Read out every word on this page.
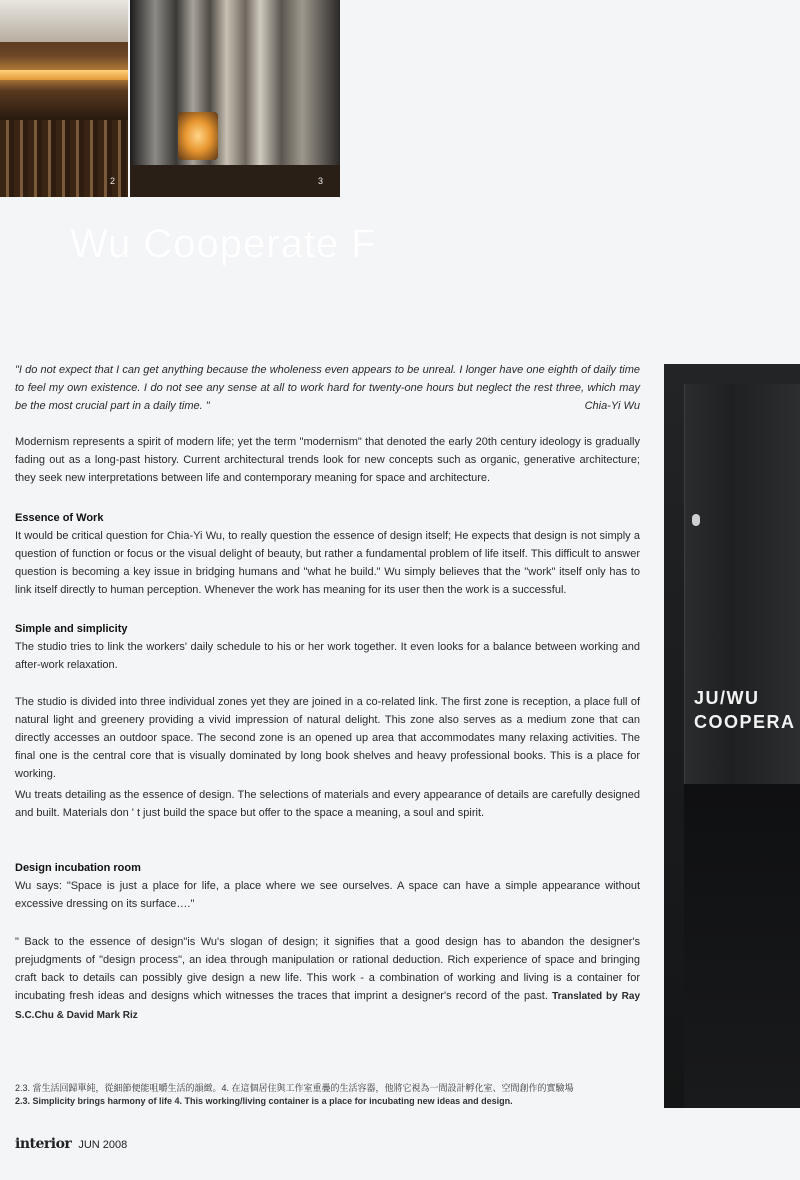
2	3
Wu Cooperate F
JU/WU
COOPERA

"I do not expect that I can get anything because the wholeness even appears to be unreal. I longer have one eighth of daily time to feel my own existence. I do not see any sense at all to work hard for twenty-one hours but neglect the rest three, which may be the most crucial part in a daily time. "	Chia-Yi Wu

Modernism represents a spirit of modern life; yet the term "modernism" that denoted the early 20th century ideology is gradually fading out as a long-past history. Current architectural trends look for new concepts such as organic, generative architecture; they seek new interpretations between life and contemporary meaning for space and architecture.

Essence of Work

It would be critical question for Chia-Yi Wu, to really question the essence of design itself; He expects that design is not simply a question of function or focus or the visual delight of beauty, but rather a fundamental problem of life itself. This difficult to answer question is becoming a key issue in bridging humans and "what he build." Wu simply believes that the "work" itself only has to link itself directly to human perception. Whenever the work has meaning for its user then the work is a successful.

Simple and simplicity

The studio tries to link the workers' daily schedule to his or her work together. It even looks for a balance between working and after-work relaxation.

The studio is divided into three individual zones yet they are joined in a co-related link. The first zone is reception, a place full of natural light and greenery providing a vivid impression of natural delight. This zone also serves as a medium zone that can directly accesses an outdoor space. The second zone is an opened up area that accommodates many relaxing activities. The final one is the central core that is visually dominated by long book shelves and heavy professional books. This is a place for working.

Wu treats detailing as the essence of design. The selections of materials and every appearance of details are carefully designed and built. Materials don ' t just build the space but offer to the space a meaning, a soul and spirit.

Design incubation room

Wu says: "Space is just a place for life, a place where we see ourselves. A space can have a simple appearance without excessive dressing on its surface…."

" Back to the essence of design"is Wu's slogan of design; it signifies that a good design has to abandon the designer's prejudgments of "design process", an idea through manipulation or rational deduction. Rich experience of space and bringing craft back to details can possibly give design a new life. This work - a combination of working and living is a container for incubating fresh ideas and designs which witnesses the traces that imprint a designer's record of the past. Translated by Ray S.C.Chu & David Mark Riz

2.3. 當生活回歸單純，從細節便能咀嚼生活的韻緻。4. 在這個居住與工作室重疊的生活容器，他將它視為一間設計孵化室、空間創作的實驗場
2.3. Simplicity brings harmony of life 4. This working/living container is a place for incubating new ideas and design.
interior JUN 2008
